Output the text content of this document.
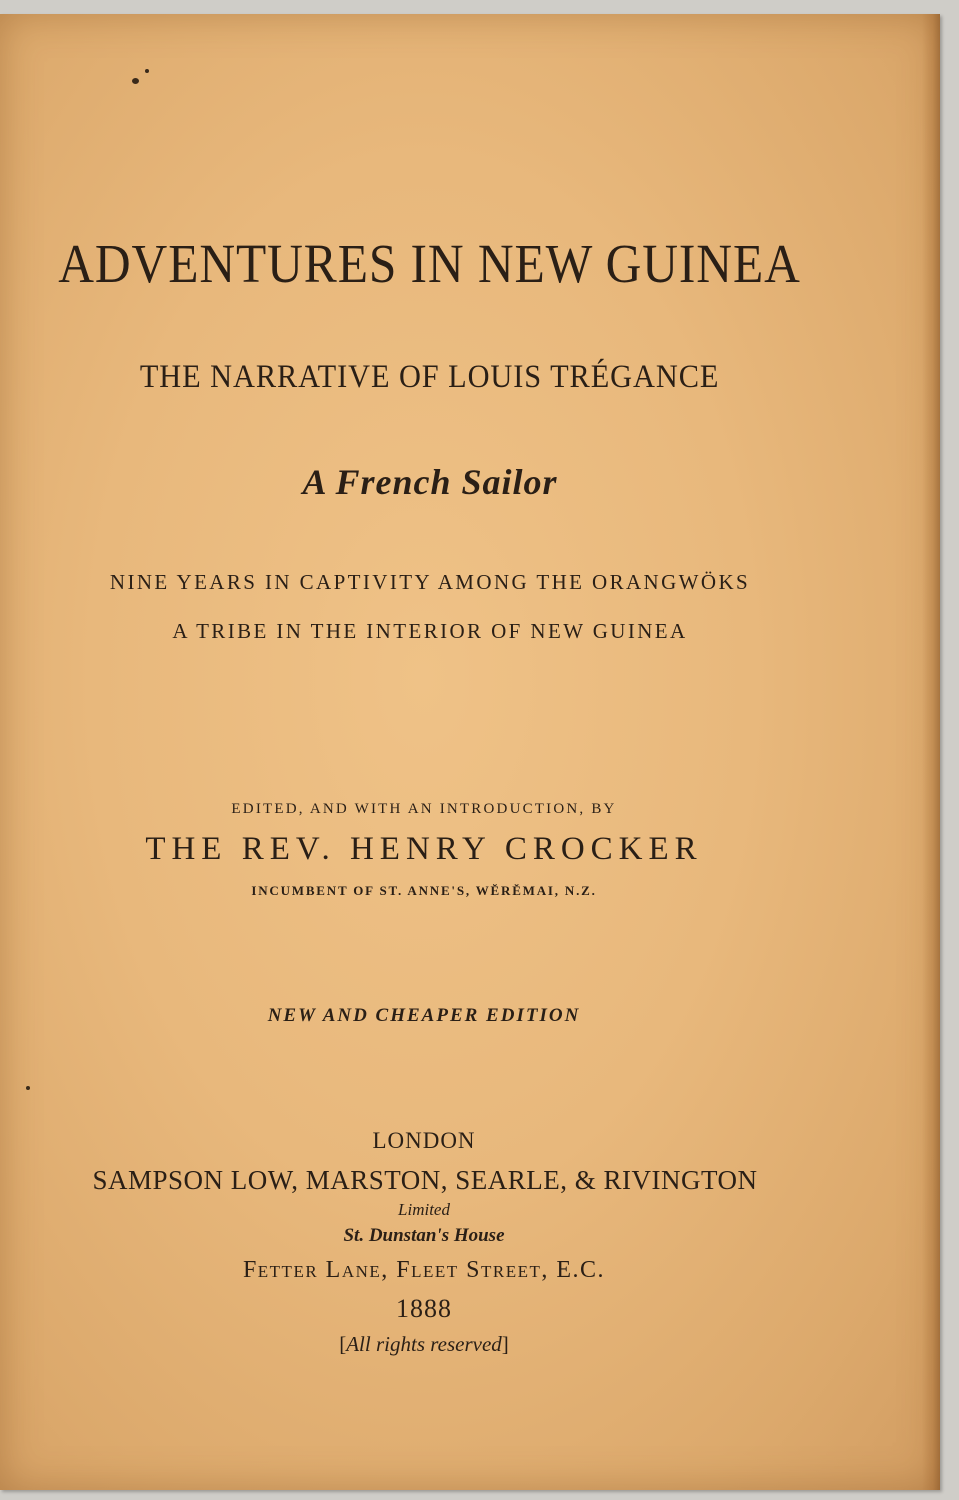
ADVENTURES IN NEW GUINEA
THE NARRATIVE OF LOUIS TRÉGANCE
A French Sailor
NINE YEARS IN CAPTIVITY AMONG THE ORANGWÖKS
A TRIBE IN THE INTERIOR OF NEW GUINEA
EDITED, AND WITH AN INTRODUCTION, BY
THE REV. HENRY CROCKER
INCUMBENT OF ST. ANNE'S, WĔRĔMAI, N.Z.
NEW AND CHEAPER EDITION
LONDON
SAMPSON LOW, MARSTON, SEARLE, & RIVINGTON
Limited
St. Dunstan's House
Fetter Lane, Fleet Street, E.C.
1888
[All rights reserved]
